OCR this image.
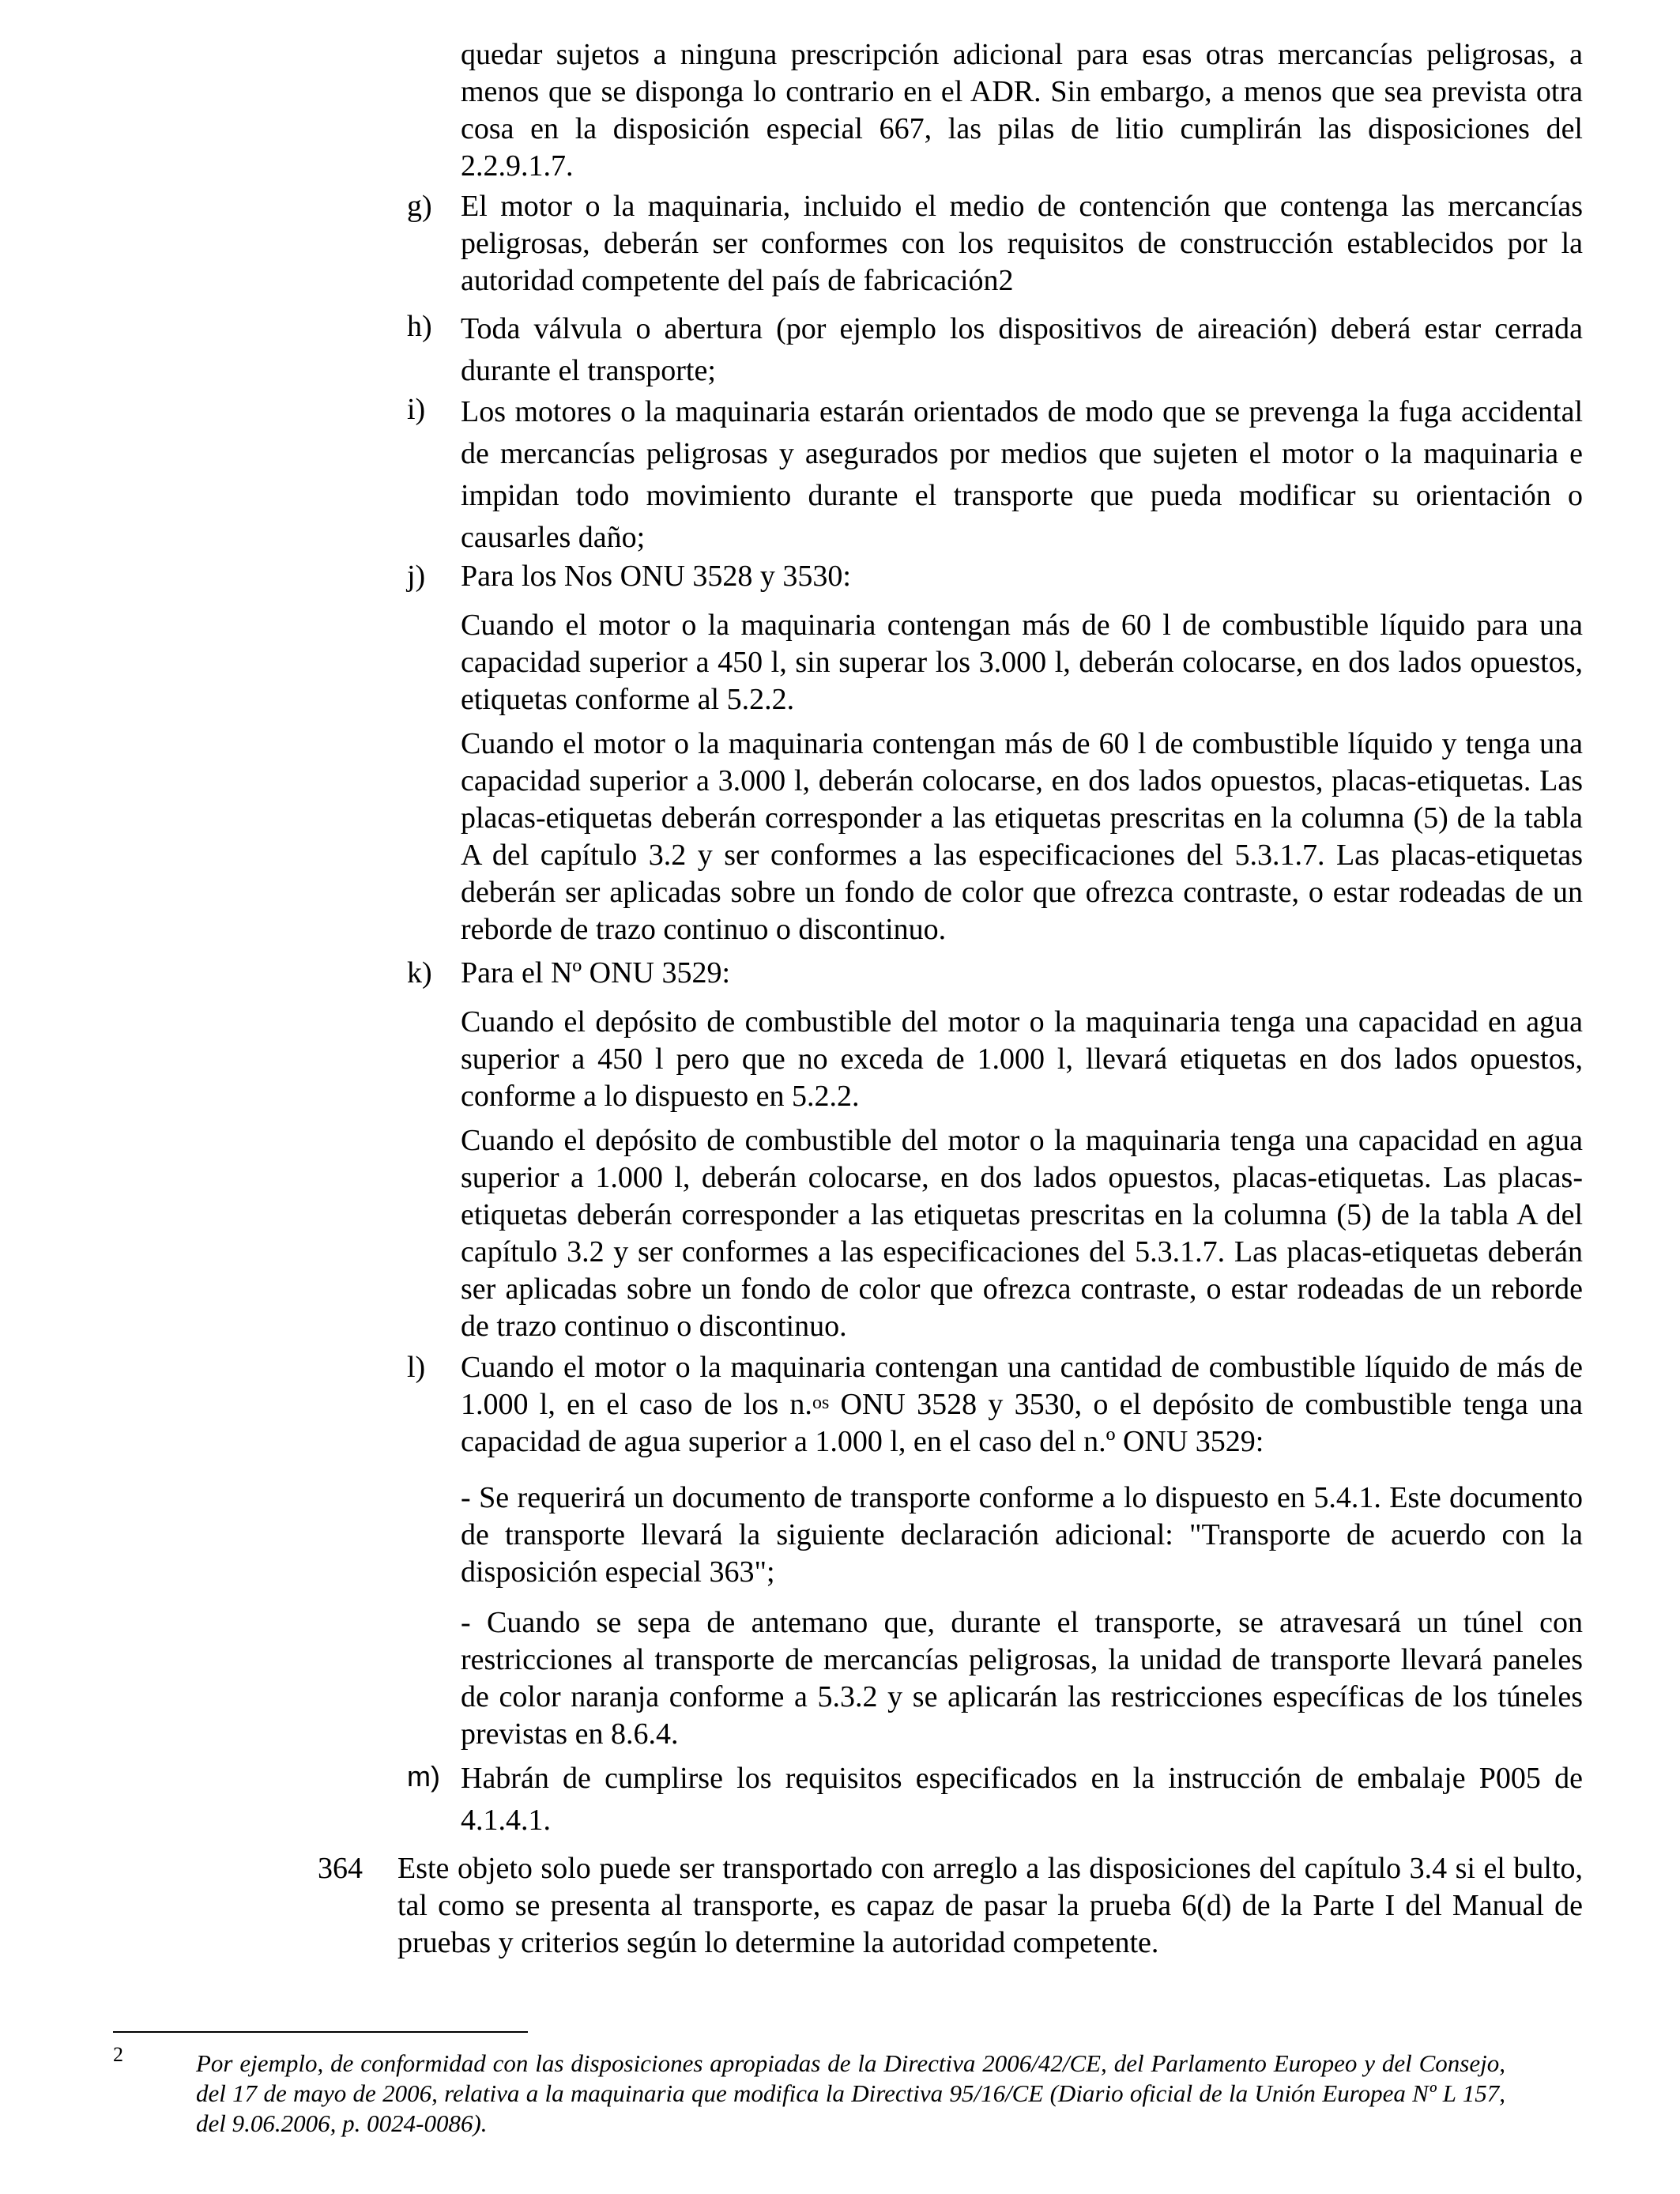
quedar sujetos a ninguna prescripción adicional para esas otras mercancías peligrosas, a menos que se disponga lo contrario en el ADR. Sin embargo, a menos que sea prevista otra cosa en la disposición especial 667, las pilas de litio cumplirán las disposiciones del 2.2.9.1.7.

g) El motor o la maquinaria, incluido el medio de contención que contenga las mercancías peligrosas, deberán ser conformes con los requisitos de construcción establecidos por la autoridad competente del país de fabricación2

h) Toda válvula o abertura (por ejemplo los dispositivos de aireación) deberá estar cerrada durante el transporte;

i) Los motores o la maquinaria estarán orientados de modo que se prevenga la fuga accidental de mercancías peligrosas y asegurados por medios que sujeten el motor o la maquinaria e impidan todo movimiento durante el transporte que pueda modificar su orientación o causarles daño;

j) Para los Nos ONU 3528 y 3530:

Cuando el motor o la maquinaria contengan más de 60 l de combustible líquido para una capacidad superior a 450 l, sin superar los 3.000 l, deberán colocarse, en dos lados opuestos, etiquetas conforme al 5.2.2.

Cuando el motor o la maquinaria contengan más de 60 l de combustible líquido y tenga una capacidad superior a 3.000 l, deberán colocarse, en dos lados opuestos, placas-etiquetas. Las placas-etiquetas deberán corresponder a las etiquetas prescritas en la columna (5) de la tabla A del capítulo 3.2 y ser conformes a las especificaciones del 5.3.1.7. Las placas-etiquetas deberán ser aplicadas sobre un fondo de color que ofrezca contraste, o estar rodeadas de un reborde de trazo continuo o discontinuo.

k) Para el Nº ONU 3529:

Cuando el depósito de combustible del motor o la maquinaria tenga una capacidad en agua superior a 450 l pero que no exceda de 1.000 l, llevará etiquetas en dos lados opuestos, conforme a lo dispuesto en 5.2.2.

Cuando el depósito de combustible del motor o la maquinaria tenga una capacidad en agua superior a 1.000 l, deberán colocarse, en dos lados opuestos, placas-etiquetas. Las placas-etiquetas deberán corresponder a las etiquetas prescritas en la columna (5) de la tabla A del capítulo 3.2 y ser conformes a las especificaciones del 5.3.1.7. Las placas-etiquetas deberán ser aplicadas sobre un fondo de color que ofrezca contraste, o estar rodeadas de un reborde de trazo continuo o discontinuo.

l) Cuando el motor o la maquinaria contengan una cantidad de combustible líquido de más de 1.000 l, en el caso de los n.$^{os}$ ONU 3528 y 3530, o el depósito de combustible tenga una capacidad de agua superior a 1.000 l, en el caso del n.º ONU 3529:

- Se requerirá un documento de transporte conforme a lo dispuesto en 5.4.1. Este documento de transporte llevará la siguiente declaración adicional: "Transporte de acuerdo con la disposición especial 363";

- Cuando se sepa de antemano que, durante el transporte, se atravesará un túnel con restricciones al transporte de mercancías peligrosas, la unidad de transporte llevará paneles de color naranja conforme a 5.3.2 y se aplicarán las restricciones específicas de los túneles previstas en 8.6.4.

m) Habrán de cumplirse los requisitos especificados en la instrucción de embalaje P005 de 4.1.4.1.

364 Este objeto solo puede ser transportado con arreglo a las disposiciones del capítulo 3.4 si el bulto, tal como se presenta al transporte, es capaz de pasar la prueba 6(d) de la Parte I del Manual de pruebas y criterios según lo determine la autoridad competente.

2	Por ejemplo, de conformidad con las disposiciones apropiadas de la Directiva 2006/42/CE, del Parlamento Europeo y del Consejo, del 17 de mayo de 2006, relativa a la maquinaria que modifica la Directiva 95/16/CE (Diario oficial de la Unión Europea Nº L 157, del 9.06.2006, p. 0024-0086).
